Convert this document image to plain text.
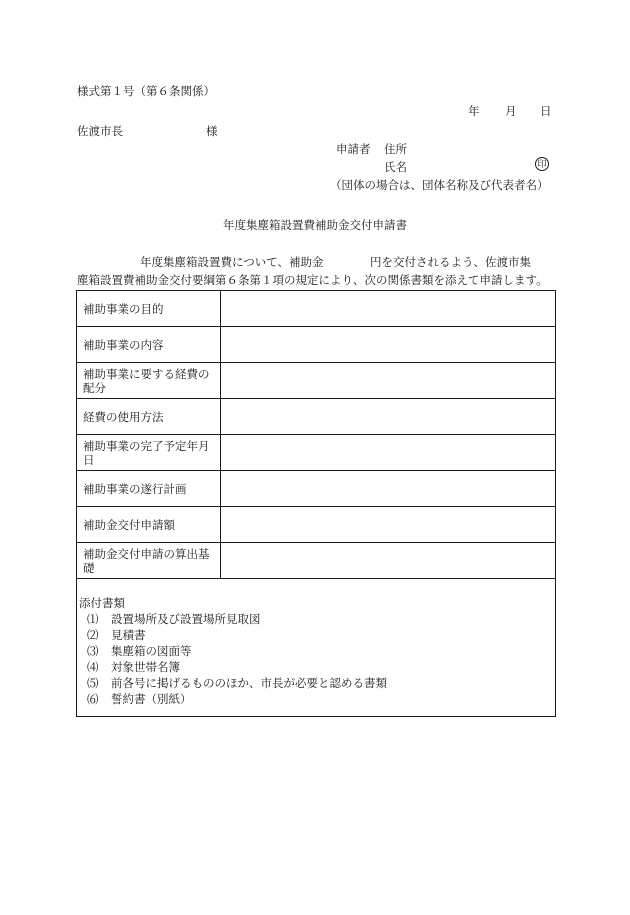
様式第１号（第６条関係）
年 月 日
佐渡市長	様
申請者 住所
氏名	印
（団体の場合は、団体名称及び代表者名）
年度集塵箱設置費補助金交付申請書
年度集塵箱設置費について、補助金	円を交付されるよう、佐渡市集
塵箱設置費補助金交付要綱第６条第１項の規定により、次の関係書類を添えて申請します。
補助事業の目的	
補助事業の内容	
補助事業に要する経費の配分	
経費の使用方法	
補助事業の完了予定年月日	
補助事業の遂行計画	
補助金交付申請額	
補助金交付申請の算出基礎	
添付書類
⑴ 設置場所及び設置場所見取図
⑵ 見積書
⑶ 集塵箱の図面等
⑷ 対象世帯名簿
⑸ 前各号に掲げるもののほか、市長が必要と認める書類
⑹ 誓約書（別紙）
